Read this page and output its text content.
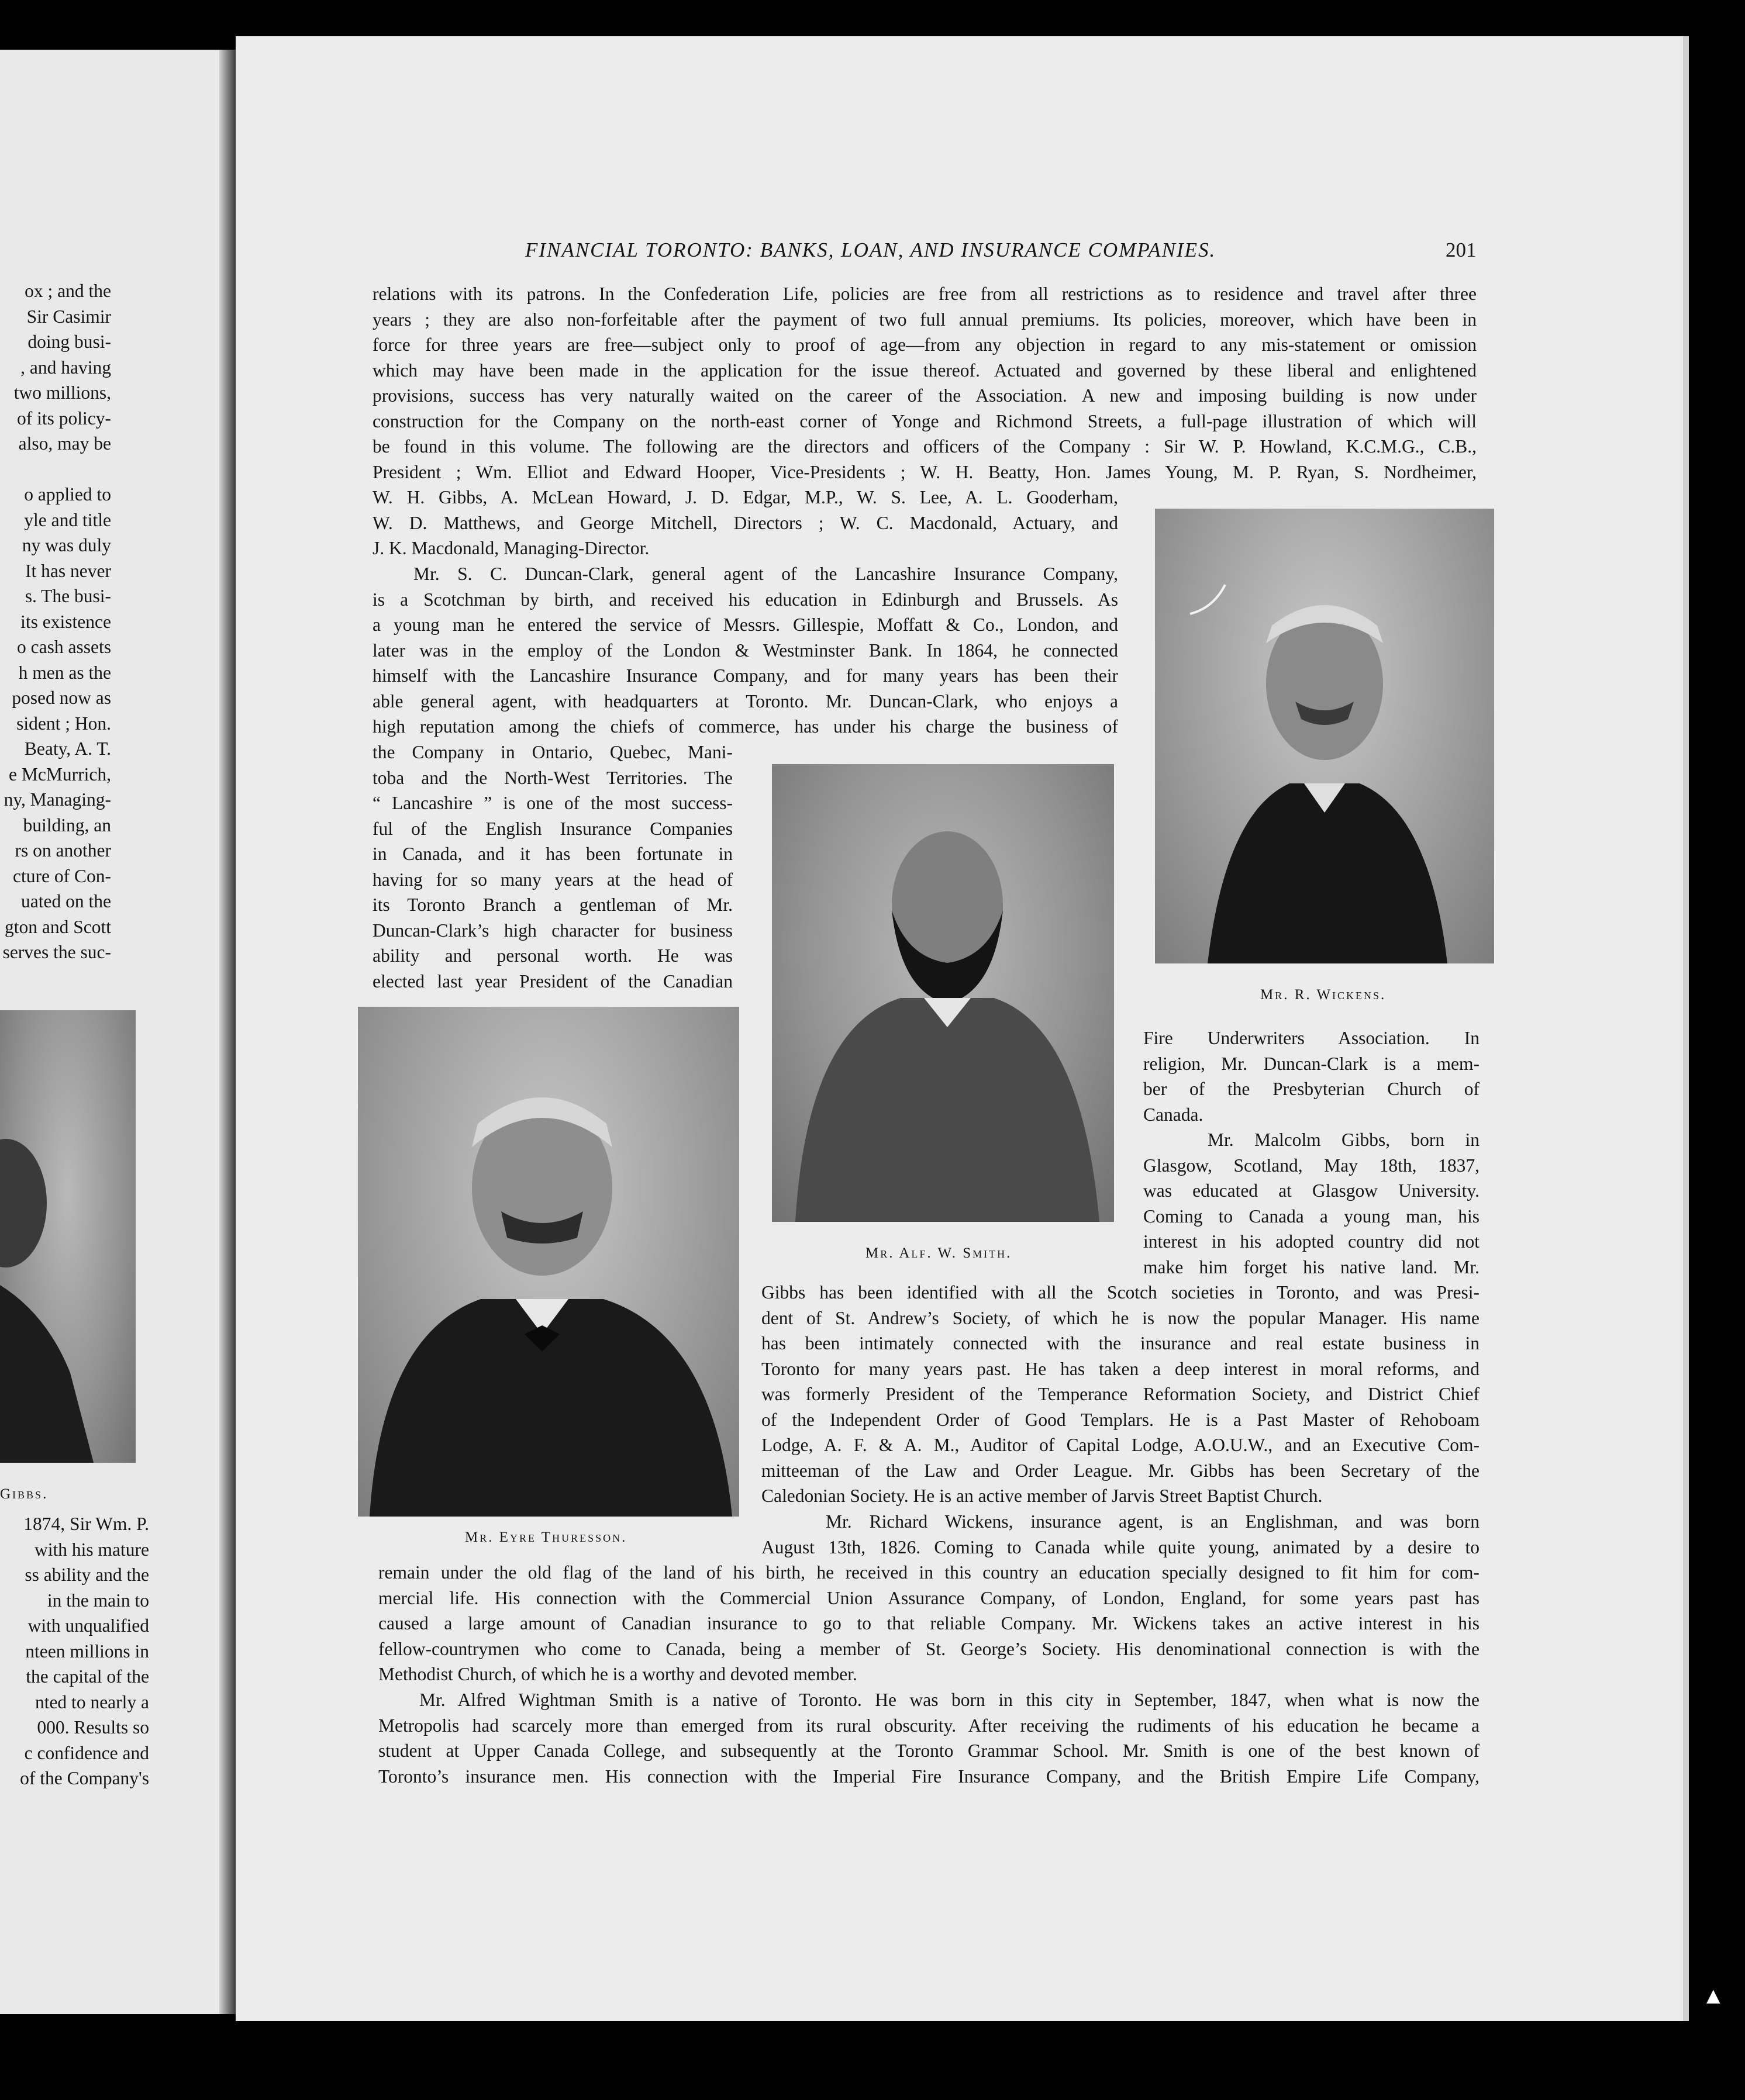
ox ; and the
Sir Casimir
doing busi-
, and having
two millions,
of its policy-
also, may be

o applied to
yle and title
ny was duly
It has never
s. The busi-
its existence
o cash assets
h men as the
posed now as
sident ; Hon.
Beaty, A. T.
e McMurrich,
ny, Managing-
building, an
rs on another
cture of Con-
uated on the
gton and Scott
serves the suc-
Gibbs.
1874, Sir Wm. P.
with his mature
ss ability and the
in the main to
with unqualified
nteen millions in
the capital of the
nted to nearly a
000. Results so
c confidence and
of the Company's
FINANCIAL TORONTO: BANKS, LOAN, AND INSURANCE COMPANIES.	201
relations with its patrons. In the Confederation Life, policies are free from all restrictions as to residence and travel after three
years ; they are also non-forfeitable after the payment of two full annual premiums. Its policies, moreover, which have been in
force for three years are free—subject only to proof of age—from any objection in regard to any mis-statement or omission
which may have been made in the application for the issue thereof. Actuated and governed by these liberal and enlightened
provisions, success has very naturally waited on the career of the Association. A new and imposing building is now under
construction for the Company on the north-east corner of Yonge and Richmond Streets, a full-page illustration of which will
be found in this volume. The following are the directors and officers of the Company : Sir W. P. Howland, K.C.M.G., C.B.,
President ; Wm. Elliot and Edward Hooper, Vice-Presidents ; W. H. Beatty, Hon. James Young, M. P. Ryan, S. Nordheimer,
W. H. Gibbs, A. McLean Howard, J. D. Edgar, M.P., W. S. Lee, A. L. Gooderham,
W. D. Matthews, and George Mitchell, Directors ; W. C. Macdonald, Actuary, and
J. K. Macdonald, Managing-Director.
Mr. S. C. Duncan-Clark, general agent of the Lancashire Insurance Company,
is a Scotchman by birth, and received his education in Edinburgh and Brussels. As
a young man he entered the service of Messrs. Gillespie, Moffatt & Co., London, and
later was in the employ of the London & Westminster Bank. In 1864, he connected
himself with the Lancashire Insurance Company, and for many years has been their
able general agent, with headquarters at Toronto. Mr. Duncan-Clark, who enjoys a
high reputation among the chiefs of commerce, has under his charge the business of
the Company in Ontario, Quebec, Mani-
toba and the North-West Territories. The
“ Lancashire ” is one of the most success-
ful of the English Insurance Companies
in Canada, and it has been fortunate in
having for so many years at the head of
its Toronto Branch a gentleman of Mr.
Duncan-Clark’s high character for business
ability and personal worth. He was
elected last year President of the Canadian
Mr. R. Wickens.
Mr. Alf. W. Smith.
Mr. Eyre Thuresson.
Fire Underwriters Association. In
religion, Mr. Duncan-Clark is a mem-
ber of the Presbyterian Church of
Canada.
Mr. Malcolm Gibbs, born in
Glasgow, Scotland, May 18th, 1837,
was educated at Glasgow University.
Coming to Canada a young man, his
interest in his adopted country did not
make him forget his native land. Mr.
Gibbs has been identified with all the Scotch societies in Toronto, and was Presi-
dent of St. Andrew’s Society, of which he is now the popular Manager. His name
has been intimately connected with the insurance and real estate business in
Toronto for many years past. He has taken a deep interest in moral reforms, and
was formerly President of the Temperance Reformation Society, and District Chief
of the Independent Order of Good Templars. He is a Past Master of Rehoboam
Lodge, A. F. & A. M., Auditor of Capital Lodge, A.O.U.W., and an Executive Com-
mitteeman of the Law and Order League. Mr. Gibbs has been Secretary of the
Caledonian Society. He is an active member of Jarvis Street Baptist Church.
Mr. Richard Wickens, insurance agent, is an Englishman, and was born
August 13th, 1826. Coming to Canada while quite young, animated by a desire to
remain under the old flag of the land of his birth, he received in this country an education specially designed to fit him for com-
mercial life. His connection with the Commercial Union Assurance Company, of London, England, for some years past has
caused a large amount of Canadian insurance to go to that reliable Company. Mr. Wickens takes an active interest in his
fellow-countrymen who come to Canada, being a member of St. George’s Society. His denominational connection is with the
Methodist Church, of which he is a worthy and devoted member.
Mr. Alfred Wightman Smith is a native of Toronto. He was born in this city in September, 1847, when what is now the
Metropolis had scarcely more than emerged from its rural obscurity. After receiving the rudiments of his education he became a
student at Upper Canada College, and subsequently at the Toronto Grammar School. Mr. Smith is one of the best known of
Toronto’s insurance men. His connection with the Imperial Fire Insurance Company, and the British Empire Life Company,
▲
